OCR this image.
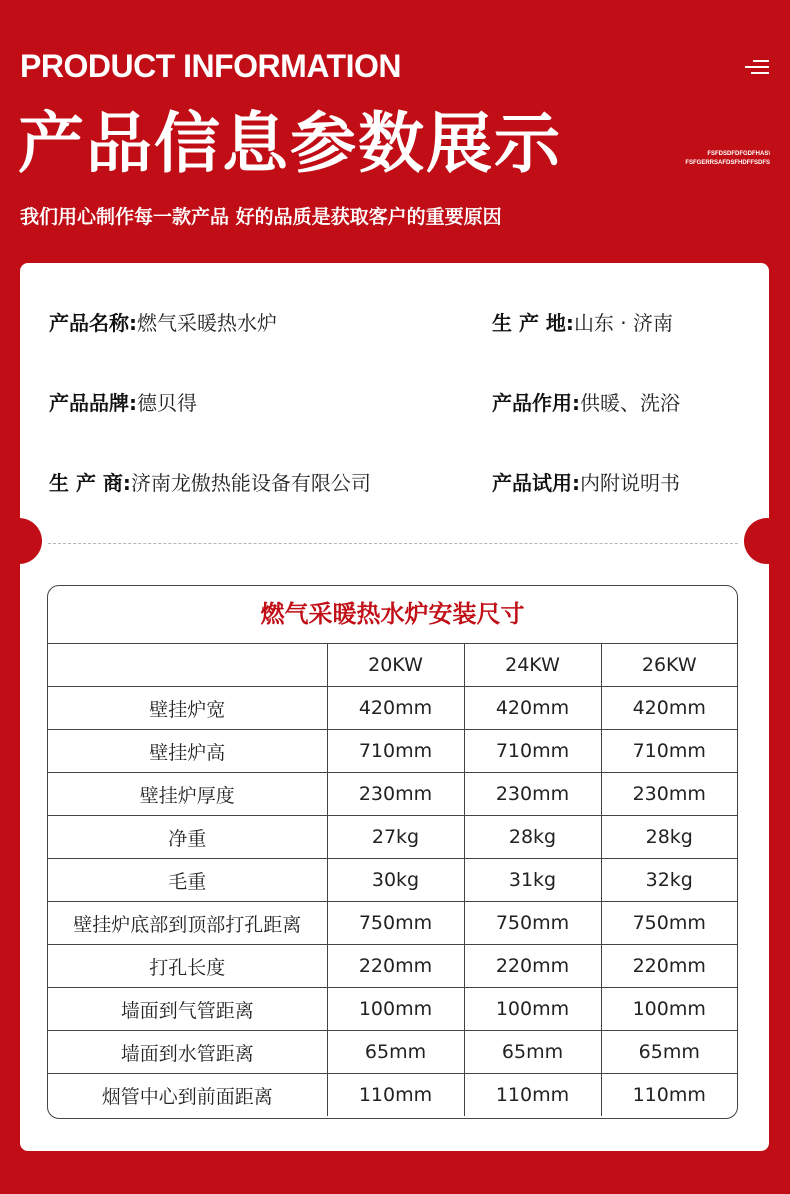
PRODUCT INFORMATION
产品信息参数展示	FSFDSDFDFGDFHAS\
FSFGERRSAFDSFHDFFSDFS
我们用心制作每一款产品 好的品质是获取客户的重要原因
产品名称:燃气采暖热水炉	生 产 地:山东 · 济南
产品品牌:德贝得	产品作用:供暖、洗浴
生 产 商:济南龙傲热能设备有限公司	产品试用:内附说明书
燃气采暖热水炉安装尺寸
	20KW	24KW	26KW
壁挂炉宽	420mm	420mm	420mm
壁挂炉高	710mm	710mm	710mm
壁挂炉厚度	230mm	230mm	230mm
净重	27kg	28kg	28kg
毛重	30kg	31kg	32kg
壁挂炉底部到顶部打孔距离	750mm	750mm	750mm
打孔长度	220mm	220mm	220mm
墙面到气管距离	100mm	100mm	100mm
墙面到水管距离	65mm	65mm	65mm
烟管中心到前面距离	110mm	110mm	110mm
